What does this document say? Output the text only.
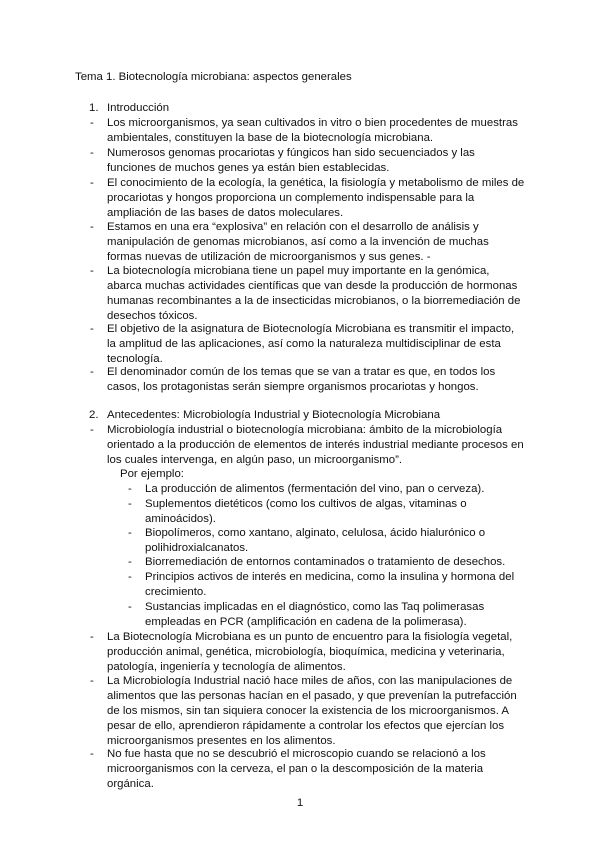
Tema 1. Biotecnología microbiana: aspectos generales
1. Introducción
- Los microorganismos, ya sean cultivados in vitro o bien procedentes de muestras ambientales, constituyen la base de la biotecnología microbiana.
- Numerosos genomas procariotas y fúngicos han sido secuenciados y las funciones de muchos genes ya están bien establecidas.
- El conocimiento de la ecología, la genética, la fisiología y metabolismo de miles de procariotas y hongos proporciona un complemento indispensable para la ampliación de las bases de datos moleculares.
- Estamos en una era “explosiva” en relación con el desarrollo de análisis y manipulación de genomas microbianos, así como a la invención de muchas formas nuevas de utilización de microorganismos y sus genes. -
- La biotecnología microbiana tiene un papel muy importante en la genómica, abarca muchas actividades científicas que van desde la producción de hormonas humanas recombinantes a la de insecticidas microbianos, o la biorremediación de desechos tóxicos.
- El objetivo de la asignatura de Biotecnología Microbiana es transmitir el impacto, la amplitud de las aplicaciones, así como la naturaleza multidisciplinar de esta tecnología.
- El denominador común de los temas que se van a tratar es que, en todos los casos, los protagonistas serán siempre organismos procariotas y hongos.
2. Antecedentes: Microbiología Industrial y Biotecnología Microbiana
- Microbiología industrial o biotecnología microbiana: ámbito de la microbiología orientado a la producción de elementos de interés industrial mediante procesos en los cuales intervenga, en algún paso, un microorganismo”.
Por ejemplo:
- La producción de alimentos (fermentación del vino, pan o cerveza).
- Suplementos dietéticos (como los cultivos de algas, vitaminas o aminoácidos).
- Biopolímeros, como xantano, alginato, celulosa, ácido hialurónico o polihidroxialcanatos.
- Biorremediación de entornos contaminados o tratamiento de desechos.
- Principios activos de interés en medicina, como la insulina y hormona del crecimiento.
- Sustancias implicadas en el diagnóstico, como las Taq polimerasas empleadas en PCR (amplificación en cadena de la polimerasa).
- La Biotecnología Microbiana es un punto de encuentro para la fisiología vegetal, producción animal, genética, microbiología, bioquímica, medicina y veterinaria, patología, ingeniería y tecnología de alimentos.
- La Microbiología Industrial nació hace miles de años, con las manipulaciones de alimentos que las personas hacían en el pasado, y que prevenían la putrefacción de los mismos, sin tan siquiera conocer la existencia de los microorganismos. A pesar de ello, aprendieron rápidamente a controlar los efectos que ejercían los microorganismos presentes en los alimentos.
- No fue hasta que no se descubrió el microscopio cuando se relacionó a los microorganismos con la cerveza, el pan o la descomposición de la materia orgánica.
1
